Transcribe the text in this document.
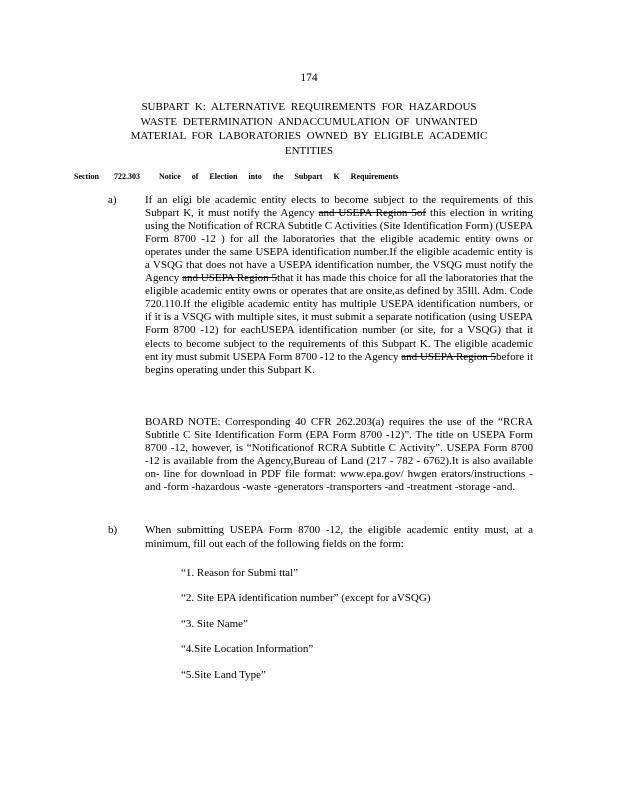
174
SUBPART K: ALTERNATIVE REQUIREMENTS FOR HAZARDOUS
WASTE DETERMINATION ANDACCUMULATION OF UNWANTED
MATERIAL FOR LABORATORIES OWNED BY ELIGIBLE ACADEMIC
ENTITIES
Section 722.303 Notice of Election into the Subpart K Requirements
a)	If an eligi ble academic entity elects to become subject to the requirements of this Subpart K, it must notify the Agency and USEPA Region 5of this election in writing using the Notification of RCRA Subtitle C Activities (Site Identification Form) (USEPA Form 8700 -12 ) for all the laboratories that the eligible academic entity owns or operates under the same USEPA identification number.If the eligible academic entity is a VSQG that does not have a USEPA identification number, the VSQG must notify the Agency and USEPA Region 5that it has made this choice for all the laboratories that the eligible academic entity owns or operates that are onsite,as defined by 35Ill. Adm. Code 720.110.If the eligible academic entity has multiple USEPA identification numbers, or if it is a VSQG with multiple sites, it must submit a separate notification (using USEPA Form 8700 -12) for eachUSEPA identification number (or site, for a VSQG) that it elects to become subject to the requirements of this Subpart K. The eligible academic ent ity must submit USEPA Form 8700 -12 to the Agency and USEPA Region 5before it begins operating under this Subpart K.
BOARD NOTE: Corresponding 40 CFR 262.203(a) requires the use of the “RCRA Subtitle C Site Identification Form (EPA Form 8700 -12)”. The title on USEPA Form 8700 -12, however, is “Notificationof RCRA Subtitle C Activity”. USEPA Form 8700 -12 is available from the Agency,Bureau of Land (217 - 782 - 6762).It is also available on- line for download in PDF file format: www.epa.gov/ hwgen erators/instructions -and -form -hazardous -waste -generators -transporters -and -treatment -storage -and.
b)	When submitting USEPA Form 8700 -12, the eligible academic entity must, at a minimum, fill out each of the following fields on the form:
“1. Reason for Submi ttal”
“2. Site EPA identification number” (except for aVSQG)
“3. Site Name”
“4.Site Location Information”
“5.Site Land Type”
